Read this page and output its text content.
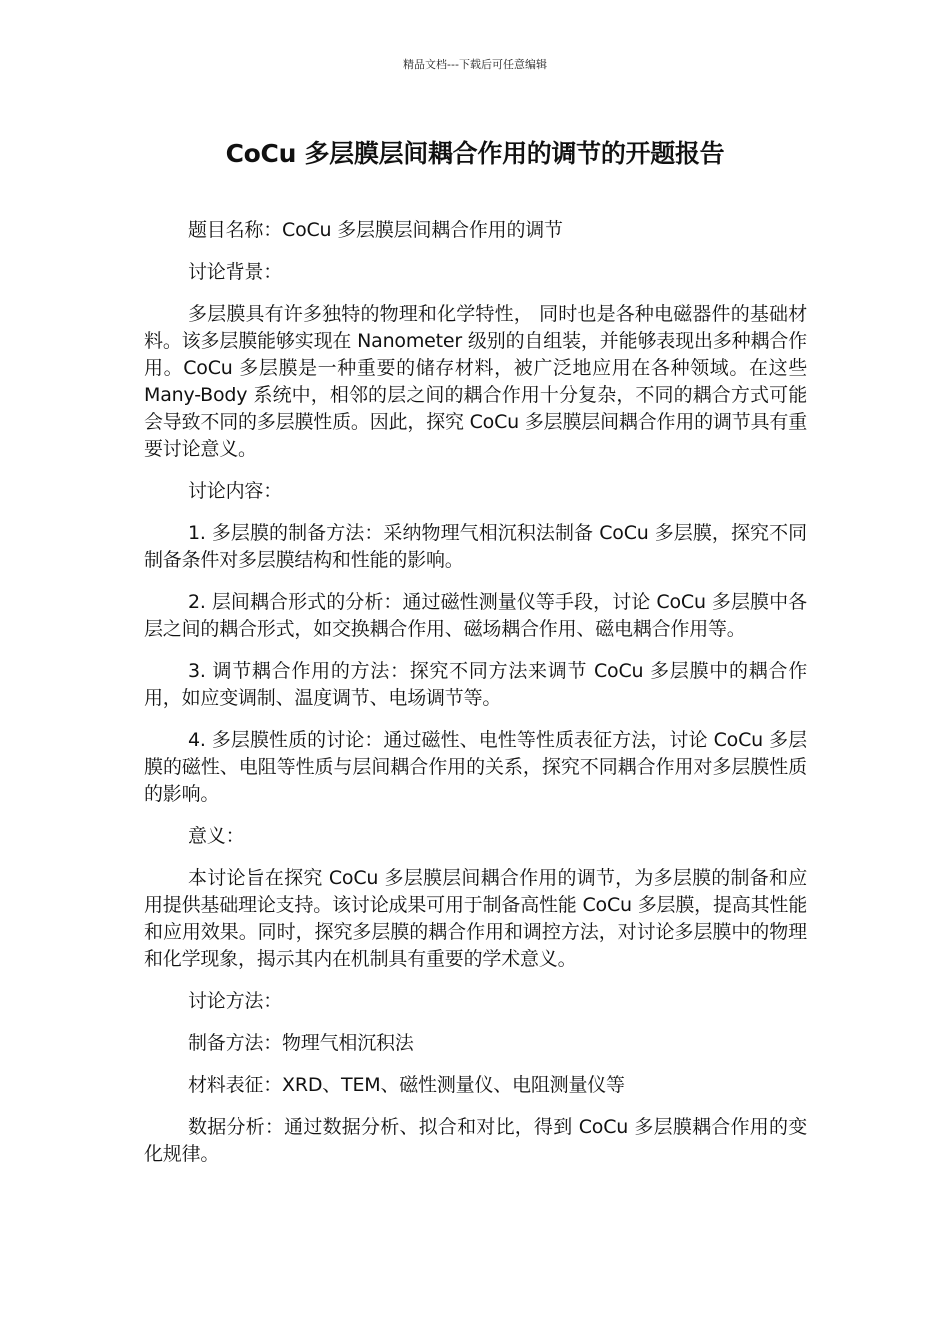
精品文档---下载后可任意编辑
CoCu 多层膜层间耦合作用的调节的开题报告

题目名称：CoCu 多层膜层间耦合作用的调节

讨论背景：

多层膜具有许多独特的物理和化学特性， 同时也是各种电磁器件的基础材料。该多层膜能够实现在 Nanometer 级别的自组装，并能够表现出多种耦合作用。CoCu 多层膜是一种重要的储存材料，被广泛地应用在各种领域。在这些 Many-Body 系统中，相邻的层之间的耦合作用十分复杂，不同的耦合方式可能会导致不同的多层膜性质。因此，探究 CoCu 多层膜层间耦合作用的调节具有重要讨论意义。

讨论内容：

1. 多层膜的制备方法：采纳物理气相沉积法制备 CoCu 多层膜，探究不同制备条件对多层膜结构和性能的影响。

2. 层间耦合形式的分析：通过磁性测量仪等手段，讨论 CoCu 多层膜中各层之间的耦合形式，如交换耦合作用、磁场耦合作用、磁电耦合作用等。

3. 调节耦合作用的方法：探究不同方法来调节 CoCu 多层膜中的耦合作用，如应变调制、温度调节、电场调节等。

4. 多层膜性质的讨论：通过磁性、电性等性质表征方法，讨论 CoCu 多层膜的磁性、电阻等性质与层间耦合作用的关系，探究不同耦合作用对多层膜性质的影响。

意义：

本讨论旨在探究 CoCu 多层膜层间耦合作用的调节，为多层膜的制备和应用提供基础理论支持。该讨论成果可用于制备高性能 CoCu 多层膜，提高其性能和应用效果。同时，探究多层膜的耦合作用和调控方法，对讨论多层膜中的物理和化学现象，揭示其内在机制具有重要的学术意义。

讨论方法：

制备方法：物理气相沉积法

材料表征：XRD、TEM、磁性测量仪、电阻测量仪等

数据分析：通过数据分析、拟合和对比，得到 CoCu 多层膜耦合作用的变化规律。
